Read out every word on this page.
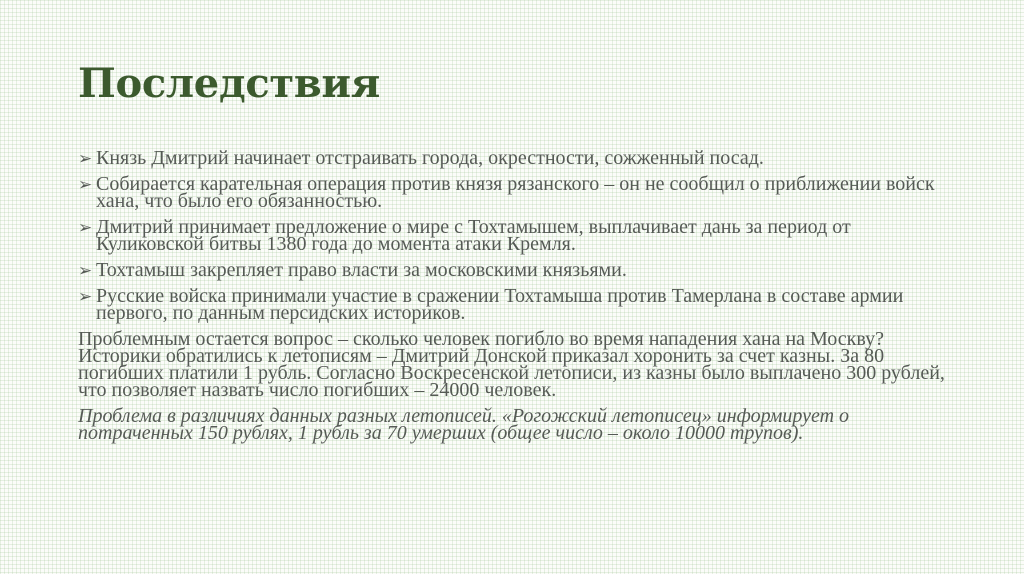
Последствия
➢ Князь Дмитрий начинает отстраивать города, окрестности, сожженный посад.
➢ Собирается карательная операция против князя рязанского – он не сообщил о приближении войск хана, что было его обязанностью.
➢ Дмитрий принимает предложение о мире с Тохтамышем, выплачивает дань за период от Куликовской битвы 1380 года до момента атаки Кремля.
➢ Тохтамыш закрепляет право власти за московскими князьями.
➢ Русские войска принимали участие в сражении Тохтамыша против Тамерлана в составе армии первого, по данным персидских историков.

Проблемным остается вопрос – сколько человек погибло во время нападения хана на Москву? Историки обратились к летописям – Дмитрий Донской приказал хоронить за счет казны. За 80 погибших платили 1 рубль. Согласно Воскресенской летописи, из казны было выплачено 300 рублей, что позволяет назвать число погибших – 24000 человек.

Проблема в различиях данных разных летописей. «Рогожский летописец» информирует о потраченных 150 рублях, 1 рубль за 70 умерших (общее число – около 10000 трупов).
